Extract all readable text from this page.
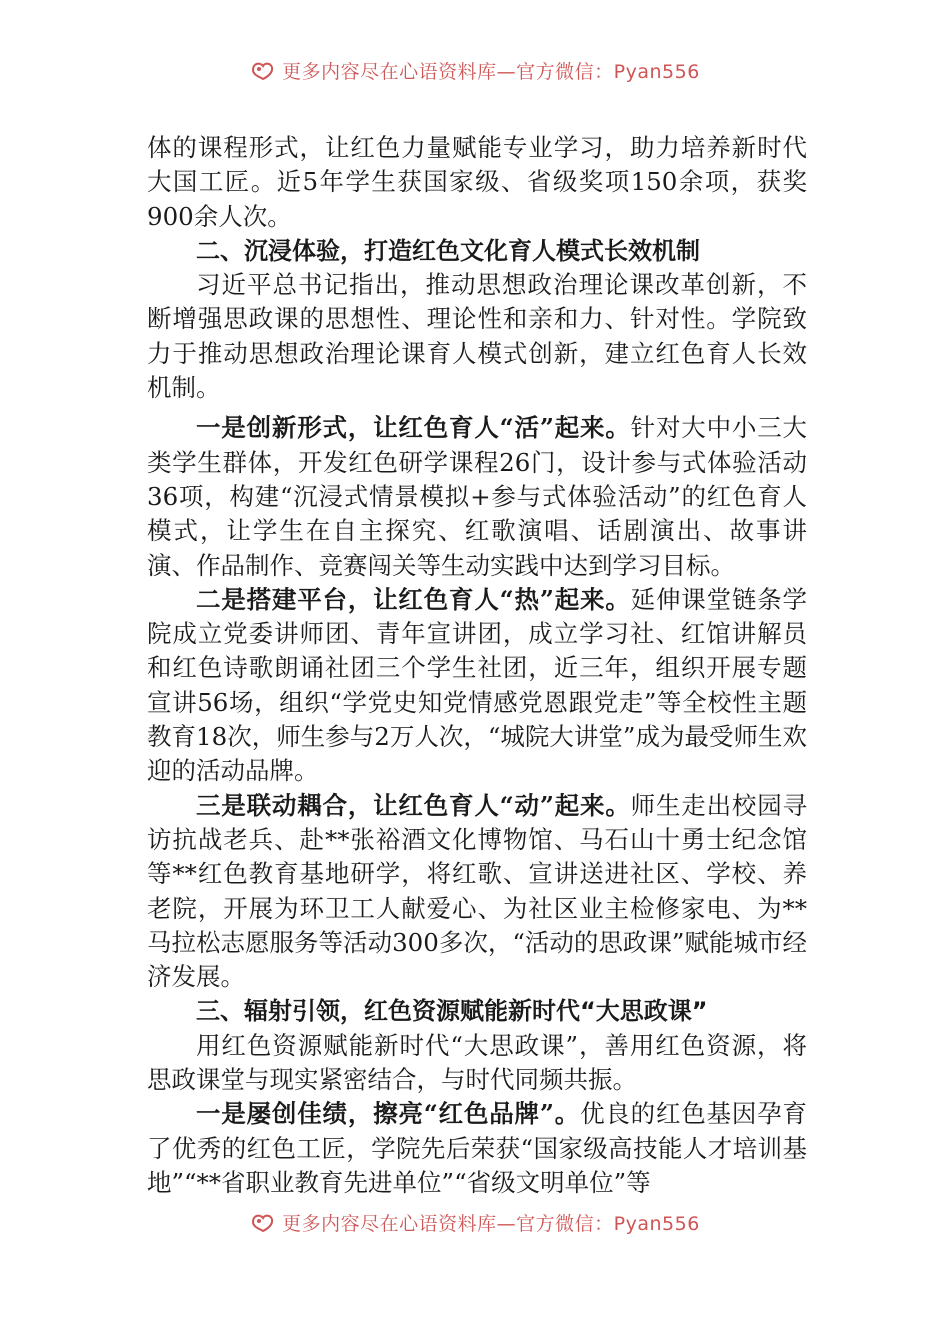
更多内容尽在心语资料库—官方微信：Pyan556

体的课程形式，让红色力量赋能专业学习，助力培养新时代大国工匠。近5年学生获国家级、省级奖项150余项，获奖900余人次。

二、沉浸体验，打造红色文化育人模式长效机制

习近平总书记指出，推动思想政治理论课改革创新，不断增强思政课的思想性、理论性和亲和力、针对性。学院致力于推动思想政治理论课育人模式创新，建立红色育人长效机制。

一是创新形式，让红色育人“活”起来。针对大中小三大类学生群体，开发红色研学课程26门，设计参与式体验活动36项，构建“沉浸式情景模拟+参与式体验活动”的红色育人模式，让学生在自主探究、红歌演唱、话剧演出、故事讲演、作品制作、竞赛闯关等生动实践中达到学习目标。

二是搭建平台，让红色育人“热”起来。延伸课堂链条学院成立党委讲师团、青年宣讲团，成立学习社、红馆讲解员和红色诗歌朗诵社团三个学生社团，近三年，组织开展专题宣讲56场，组织“学党史知党情感党恩跟党走”等全校性主题教育18次，师生参与2万人次，“城院大讲堂”成为最受师生欢迎的活动品牌。

三是联动耦合，让红色育人“动”起来。师生走出校园寻访抗战老兵、赴**张裕酒文化博物馆、马石山十勇士纪念馆等**红色教育基地研学，将红歌、宣讲送进社区、学校、养老院，开展为环卫工人献爱心、为社区业主检修家电、为**马拉松志愿服务等活动300多次，“活动的思政课”赋能城市经济发展。

三、辐射引领，红色资源赋能新时代“大思政课”

用红色资源赋能新时代“大思政课”，善用红色资源，将思政课堂与现实紧密结合，与时代同频共振。

一是屡创佳绩，擦亮“红色品牌”。优良的红色基因孕育了优秀的红色工匠，学院先后荣获“国家级高技能人才培训基地”“**省职业教育先进单位”“省级文明单位”等

更多内容尽在心语资料库—官方微信：Pyan556
